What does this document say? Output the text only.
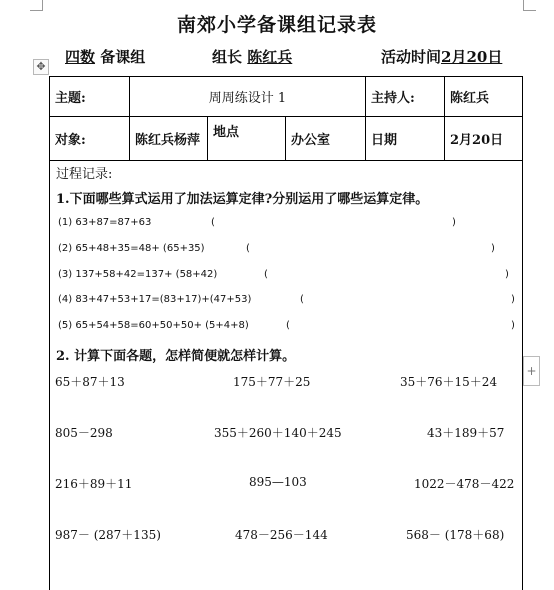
南郊小学备课组记录表
✥
四数 备课组	组长 陈红兵	活动时间2月20日
主题:	周周练设计 1			主持人:	陈红兵
对象:	陈红兵杨萍	地点	办公室	日期	2月20日
过程记录:
1.下面哪些算式运用了加法运算定律?分别运用了哪些运算定律。
(1) 63+87=87+63	(	)
(2) 65+48+35=48+ (65+35)	(	)
(3) 137+58+42=137+ (58+42)	(	)
(4) 83+47+53+17=(83+17)+(47+53)	(	)
(5) 65+54+58=60+50+50+ (5+4+8)	(	)
2. 计算下面各题，怎样简便就怎样计算。
65＋87＋13	175＋77＋25	35＋76＋15＋24
805－298	355＋260＋140＋245	43＋189＋57
216＋89＋11	895—103	1022－478－422
987－ (287＋135)	478－256－144	568－ (178＋68)
+
